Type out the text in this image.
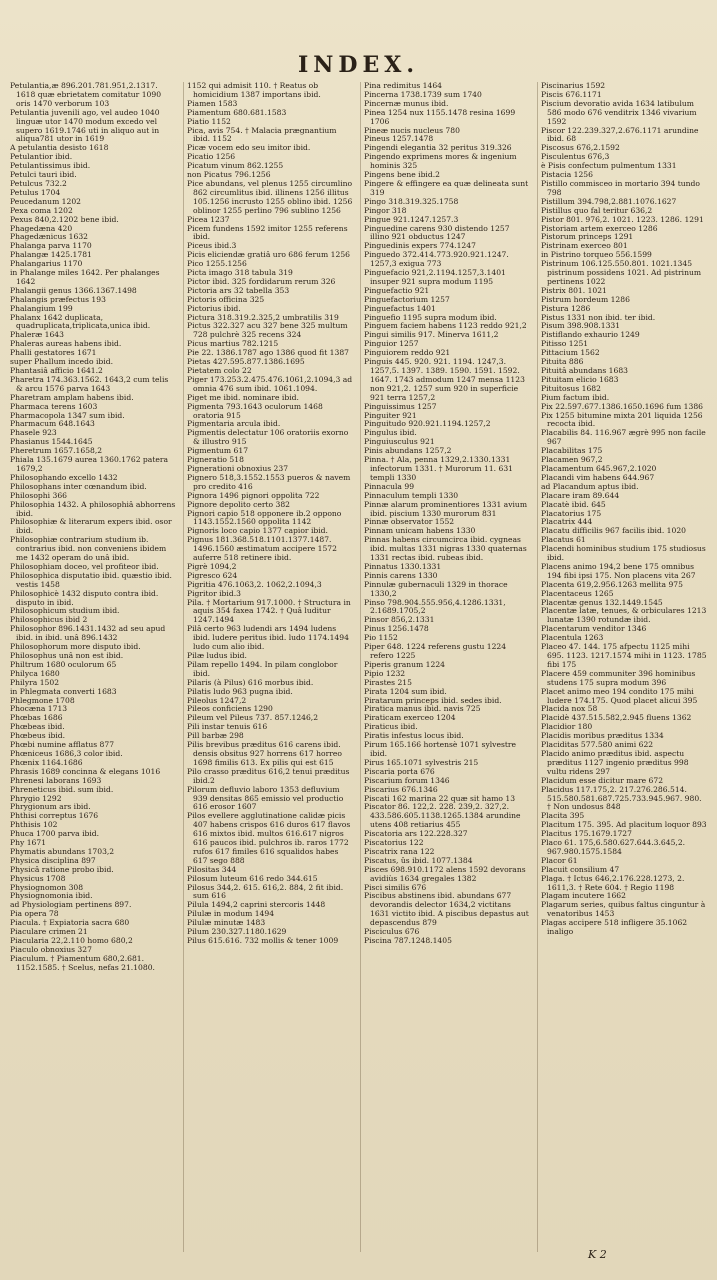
INDEX.

Petulantia,æ 896.201.781.951,2.1317. 1618 quæ ebrietatem comitatur 1090 oris 1470 verborum 103

Petulantia juvenili ago, vel audeo 1040 linguæ utor 1470 modum excedo vel supero 1619.1746 uti in aliquo aut in aliqua781 utor in 1619

A petulantia desisto 1618

Petulantior ibid.

Petulantissimus ibid.

Petulci tauri ibid.

Petulcus 732.2

Petulus 1704

Peucedanum 1202

Pexa coma 1202

Pexus 840,2.1202 bene ibid.

Phagedæna 420

Phagedænicus 1632

Phalanga parva 1170

Phalangæ 1425.1781

Phalangarius 1170

in Phalange miles 1642. Per phalanges 1642

Phalangii genus 1366.1367.1498

Phalangis præfectus 193

Phalangium 199

Phalanx 1642 duplicata, quadruplicata,triplicata,unica ibid.

Phaleræ 1643

Phaleras aureas habens ibid.

Phalli gestatores 1671

super Phallum incedo ibid.

Phantasiâ afficio 1641.2

Pharetra 174.363.1562. 1643,2 cum telis & arcu 1576 parva 1643

Pharetram amplam habens ibid.

Pharmaca terens 1603

Pharmacopola 1347 sum ibid.

Pharmacum 648.1643

Phasele 923

Phasianus 1544.1645

Pheretrum 1657.1658,2

Phiala 135.1679 aurea 1360.1762 patera 1679,2

Philosophando excello 1432

Philosophans inter cœnandum ibid.

Philosophi 366

Philosophia 1432. A philosophiâ abhorrens ibid.

Philosophiæ & literarum expers ibid. osor ibid.

Philosophiæ contrarium studium ib. contrarius ibid. non conveniens ibidem me 1432 operam do unâ ibid.

Philosophiam doceo, vel profiteor ibid.

Philosophica disputatio ibid. quæstio ibid. vestis 1458

Philosophicè 1432 disputo contra ibid. disputo in ibid.

Philosophicum studium ibid.

Philosophicus ibid 2

Philosophor 896.1431.1432 ad seu apud ibid. in ibid. unâ 896.1432

Philosophorum more disputo ibid.

Philosophus unâ non est ibid.

Philtrum 1680 oculorum 65

Philyca 1680

Philyra 1502

in Phlegmata converti 1683

Phlegmone 1708

Phocæna 1713

Phœbas 1686

Phœbeas ibid.

Phœbeus ibid.

Phœbi numine afflatus 877

Phœniceus 1686,3 color ibid.

Phœnix 1164.1686

Phrasis 1689 concinna & elegans 1016

Phrenesi laborans 1693

Phreneticus ibid. sum ibid.

Phrygio 1292

Phrygionum ars ibid.

Phthisi correptus 1676

Phthisis 102

Phuca 1700 parva ibid.

Phy 1671

Phymatis abundans 1703,2

Physica disciplina 897

Physicâ ratione probo ibid.

Physicus 1708

Physiognomon 308

Physiognomonia ibid.

ad Physiologiam pertinens 897.

Pia opera 78

Piacula. † Expiatoria sacra 680

Piaculare crimen 21

Piacularia 22,2.110 homo 680,2

Piaculo obnoxius 327

Piaculum. † Piamentum 680,2.681. 1152.1585. † Scelus, nefas 21.1080.

1152 qui admisit 110. † Reatus ob homicidium 1387 importans ibid.

Piamen 1583

Piamentum 680.681.1583

Piatio 1152

Pica, avis 754. † Malacia prægnantium ibid. 1152

Picæ vocem edo seu imitor ibid.

Picatio 1256

Picatum vinum 862.1255

non Picatus 796.1256

Pice abundans, vel plenus 1255 circumlino 862 circumlitus ibid. illinens 1256 illitus 105.1256 incrusto 1255 oblino ibid. 1256 oblinor 1255 perlino 796 sublino 1256

Picea 1237

Picem fundens 1592 imitor 1255 referens ibid.

Piceus ibid.3

Picis eliciendæ gratiâ uro 686 ferum 1256

Pico 1255.1256

Picta imago 318 tabula 319

Pictor ibid. 325 fordidarum rerum 326

Pictoria ars 32 tabella 353

Pictoris officina 325

Pictorius ibid.

Pictura 318.319.2.325,2 umbratilis 319

Pictus 322.327 acu 327 bene 325 multum 728 pulchrè 325 recens 324

Picus martius 782.1215

Pie 22. 1386.1787 ago 1386 quod fit 1387

Pietas 427.595.877.1386.1695

Pietatem colo 22

Piger 173.253.2.475.476.1061,2.1094,3 ad omnia 476 sum ibid. 1061.1094.

Piget me ibid. nominare ibid.

Pigmenta 793.1643 oculorum 1468 oratoria 915

Pigmentaria arcula ibid.

Pigmentis delectatur 106 oratoriis exorno & illustro 915

Pigmentum 617

Pigneratio 518

Pignerationi obnoxius 237

Pignero 518,3.1552.1553 pueros & navem pro credito 416

Pignora 1496 pignori oppolita 722

Pignore depolito certo 382

Pignori capio 518 opponere ib.2 oppono 1143.1552.1560 oppolita 1142

Pignoris loco capio 1377 capior ibid.

Pignus 181.368.518.1101.1377.1487. 1496.1560 æstimatum accipere 1572 auferre 518 retinere ibid.

Pigrè 1094,2

Pigresco 624

Pigritia 476.1063,2. 1062,2.1094,3

Pigritor ibid.3

Pila. † Mortarium 917.1000. † Structura in aquis 354 faxea 1742. † Quâ luditur 1247.1494

Pilâ certo 963 ludendi ars 1494 ludens ibid. ludere peritus ibid. ludo 1174.1494 ludo cum alio ibid.

Pilæ ludus ibid.

Pilam repello 1494. In pilam conglobor ibid.

Pilaris (à Pilus) 616 morbus ibid.

Pilatis ludo 963 pugna ibid.

Pileolus 1247,2

Pileos conficiens 1290

Pileum vel Pileus 737. 857.1246,2

Pili instar tenuis 616

Pill barbæ 298

Pilis brevibus præditus 616 carens ibid. densis obsitus 927 horrens 617 horreo 1698 fimilis 613. Ex pilis qui est 615

Pilo crasso præditus 616,2 tenui præditus ibid.2

Pilorum defluvio laboro 1353 defluvium 939 densitas 865 emissio vel productio 616 erosor 1607

Pilos evellere agglutinatione calidæ picis 407 habens crispos 616 duros 617 flavos 616 mixtos ibid. multos 616.617 nigros 616 paucos ibid. pulchros ib. raros 1772 rufos 617 fimiles 616 squalidos habes 617 sego 888

Pilositas 344

Pilosum luteum 616 redo 344.615

Pilosus 344,2. 615. 616,2. 884, 2 fit ibid. sum 616

Pilula 1494,2 caprini stercoris 1448

Pilulæ in modum 1494

Pilulæ minutæ 1483

Pilum 230.327.1180.1629

Pilus 615.616. 732 mollis & tener 1009

Pina redimitus 1464

Pincerna 1738.1739 sum 1740

Pincernæ munus ibid.

Pinea 1254 nux 1155.1478 resina 1699 1706

Pineæ nucis nucleus 780

Pineus 1257.1478

Pingendi elegantia 32 peritus 319.326

Pingendo exprimens mores & ingenium hominis 325

Pingens bene ibid.2

Pingere & effingere ea quæ delineata sunt 319

Pingo 318.319.325.1758

Pingor 318

Pingue 921.1247.1257.3

Pinguedine carens 930 distendo 1257 illino 921 obductus 1247

Pinguedinis expers 774.1247

Pinguedo 372.414.773.920.921.1247. 1257,3 exigua 773

Pinguefacio 921,2.1194.1257,3.1401 insuper 921 supra modum 1195

Pinguefactio 921

Pinguefactorium 1257

Pinguefactus 1401

Pinguefio 1195 supra modum ibid.

Pinguem faciem habens 1123 reddo 921,2

Pingui similis 917. Minerva 1611,2

Pinguior 1257

Pinguiorem reddo 921

Pinguis 445. 920. 921. 1194. 1247,3. 1257,5. 1397. 1389. 1590. 1591. 1592. 1647. 1743 admodum 1247 mensa 1123 non 921,2. 1257 sum 920 in superficie 921 terra 1257,2

Pinguissimus 1257

Pinguiter 921

Pinguitudo 920.921.1194.1257,2

Pingulus ibid.

Pinguiusculus 921

Pinis abundans 1257,2

Pinna. † Ala, penna 1329,2.1330.1331 infectorum 1331. † Murorum 11. 631 templi 1330

Pinnacula 99

Pinnaculum templi 1330

Pinnæ alarum prominentiores 1331 avium ibid. piscium 1330 murorum 831

Pinnæ observator 1552

Pinnam unicam habens 1330

Pinnas habens circumcirca ibid. cygneas ibid. multas 1331 nigras 1330 quaternas 1331 rectas ibid. rubeas ibid.

Pinnatus 1330.1331

Pinnis carens 1330

Pinnulæ gubernaculi 1329 in thorace 1330,2

Pinso 798.904.555.956,4.1286.1331, 2.1689.1705,2

Pinsor 856,2.1331

Pinus 1256.1478

Pio 1152

Piper 648. 1224 referens gustu 1224 refero 1225

Piperis granum 1224

Pipio 1232

Pirastes 215

Pirata 1204 sum ibid.

Piratarum princeps ibid. sedes ibid.

Piratica manus ibid. navis 725

Piraticam exerceo 1204

Piraticus ibid.

Piratis infestus locus ibid.

Pirum 165.166 hortensè 1071 sylvestre ibid.

Pirus 165.1071 sylvestris 215

Piscaria porta 676

Piscarium forum 1346

Piscarius 676.1346

Piscati 162 marina 22 quæ sit hamo 13

Piscator 86. 122,2. 228. 239,2. 327,2. 433.586.605.1138.1265.1384 arundine utens 408 retiarius 455

Piscatoria ars 122.228.327

Piscatorius 122

Piscatrix rana 122

Piscatus, ûs ibid. 1077.1384

Pisces 698.910.1172 alens 1592 devorans avidiùs 1634 gregales 1382

Pisci similis 676

Piscibus abstinens ibid. abundans 677 devorandis delector 1634,2 victitans 1631 victito ibid. A piscibus depastus aut depascendus 879

Pisciculus 676

Piscina 787.1248.1405

Piscinarius 1592

Piscis 676.1171

Piscium devoratio avida 1634 latibulum 586 modo 676 venditrix 1346 vivarium 1592

Piscor 122.239.327,2.676.1171 arundine ibid. 68

Piscosus 676,2.1592

Pisculentus 676,3

è Pisis confectum pulmentum 1331

Pistacia 1256

Pistillo commisceo in mortario 394 tundo 798

Pistillum 394.798,2.881.1076.1627

Pistillus quo fal teritur 636,2

Pistor 801. 976,2. 1021. 1223. 1286. 1291

Pistoriam artem exerceo 1286

Pistorum princeps 1291

Pistrinam exerceo 801

in Pistrino torqueo 556.1599

Pistrinum 106.125.550.801. 1021.1345 pistrinum possidens 1021. Ad pistrinum pertinens 1022

Pistrix 801. 1021

Pistrum hordeum 1286

Pistura 1286

Pistus 1331 non ibid. ter ibid.

Pisum 398.908.1331

Pistiflando exhaurio 1249

Pitisso 1251

Pittacium 1562

Pituita 886

Pituitâ abundans 1683

Pituitam elicio 1683

Pituitosus 1682

Pium factum ibid.

Pix 22.597.677.1386.1650.1696 fum 1386

Pix 1255 bitumine mixta 201 liquida 1256 recocta ibid.

Placabilis 84. 116.967 ægrè 995 non facile 967

Placabilitas 175

Placamen 967,2

Placamentum 645.967,2.1020

Placandi vim habens 644.967

ad Placandum aptus ibid.

Placare iram 89.644

Placatè ibid. 645

Placatorius 175

Placatrix 444

Placatu difficilis 967 facilis ibid. 1020

Placatus 61

Placendi hominibus studium 175 studiosus ibid.

Placens animo 194,2 bene 175 omnibus 194 fibi ipsi 175. Non placens vita 267

Placenta 619,2.956.1263 mellita 975

Placentaceus 1265

Placentæ genus 132.1449.1545

Placentæ latæ, tenues, & orbiculares 1213 lunatæ 1390 rotundæ ibid.

Placentarum venditor 1346

Placentula 1263

Placeo 47. 144. 175 afpectu 1125 mihi 695. 1123. 1217.1574 mihi in 1123. 1785 fibi 175

Placere 459 communiter 396 hominibus studens 175 supra modum 396

Placet animo meo 194 condito 175 mihi ludere 174.175. Quod placet alicui 395

Placida nox 58

Placidè 437.515.582,2.945 fluens 1362

Placidior 180

Placidis moribus præditus 1334

Placiditas 577.580 animi 622

Placido animo præditus ibid. aspectu præditus 1127 ingenio præditus 998 vultu ridens 297

Placidum esse dicitur mare 672

Placidus 117.175,2. 217.276.286.514. 515.580.581.687.725.733.945.967. 980. † Non undosus 848

Placita 395

Placitum 175. 395. Ad placitum loquor 893

Placitus 175.1679.1727

Placo 61. 175,6.580.627.644.3.645,2. 967.980.1575.1584

Placor 61

Placuit consilium 47

Plaga. † Ictus 646,2.176.228.1273, 2. 1611,3. † Rete 604. † Regio 1198

Plagam incutere 1662

Plagarum series, quibus faltus cinguntur à venatoribus 1453

Plagas accipere 518 infligere 35.1062 inaligo

K 2
